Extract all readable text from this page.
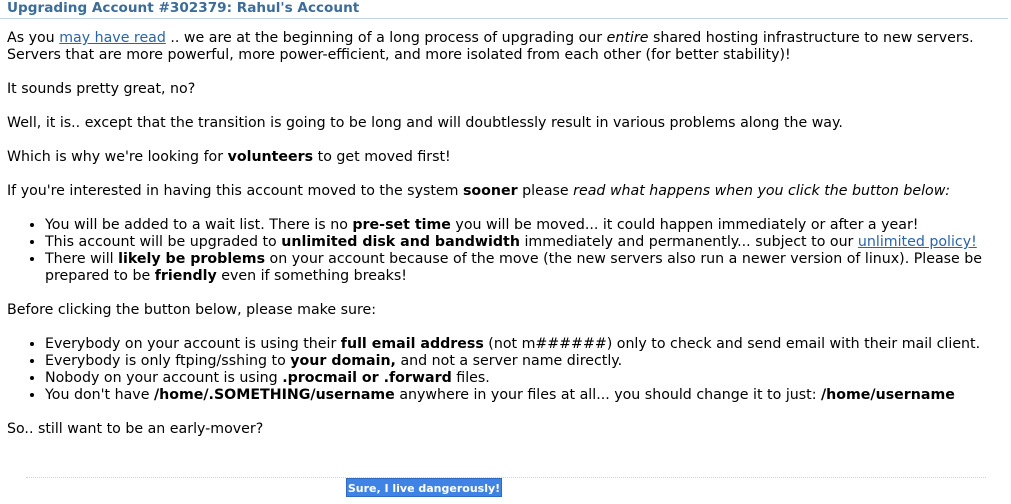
Upgrading Account #302379: Rahul's Account

As you may have read .. we are at the beginning of a long process of upgrading our entire shared hosting infrastructure to new servers. Servers that are more powerful, more power-efficient, and more isolated from each other (for better stability)!

It sounds pretty great, no?

Well, it is.. except that the transition is going to be long and will doubtlessly result in various problems along the way.

Which is why we're looking for volunteers to get moved first!

If you're interested in having this account moved to the system sooner please read what happens when you click the button below:

• You will be added to a wait list. There is no pre-set time you will be moved... it could happen immediately or after a year!
• This account will be upgraded to unlimited disk and bandwidth immediately and permanently... subject to our unlimited policy!
• There will likely be problems on your account because of the move (the new servers also run a newer version of linux). Please be prepared to be friendly even if something breaks!

Before clicking the button below, please make sure:

• Everybody on your account is using their full email address (not m######) only to check and send email with their mail client.
• Everybody is only ftping/sshing to your domain, and not a server name directly.
• Nobody on your account is using .procmail or .forward files.
• You don't have /home/.SOMETHING/username anywhere in your files at all... you should change it to just: /home/username

So.. still want to be an early-mover?

Sure, I live dangerously!
